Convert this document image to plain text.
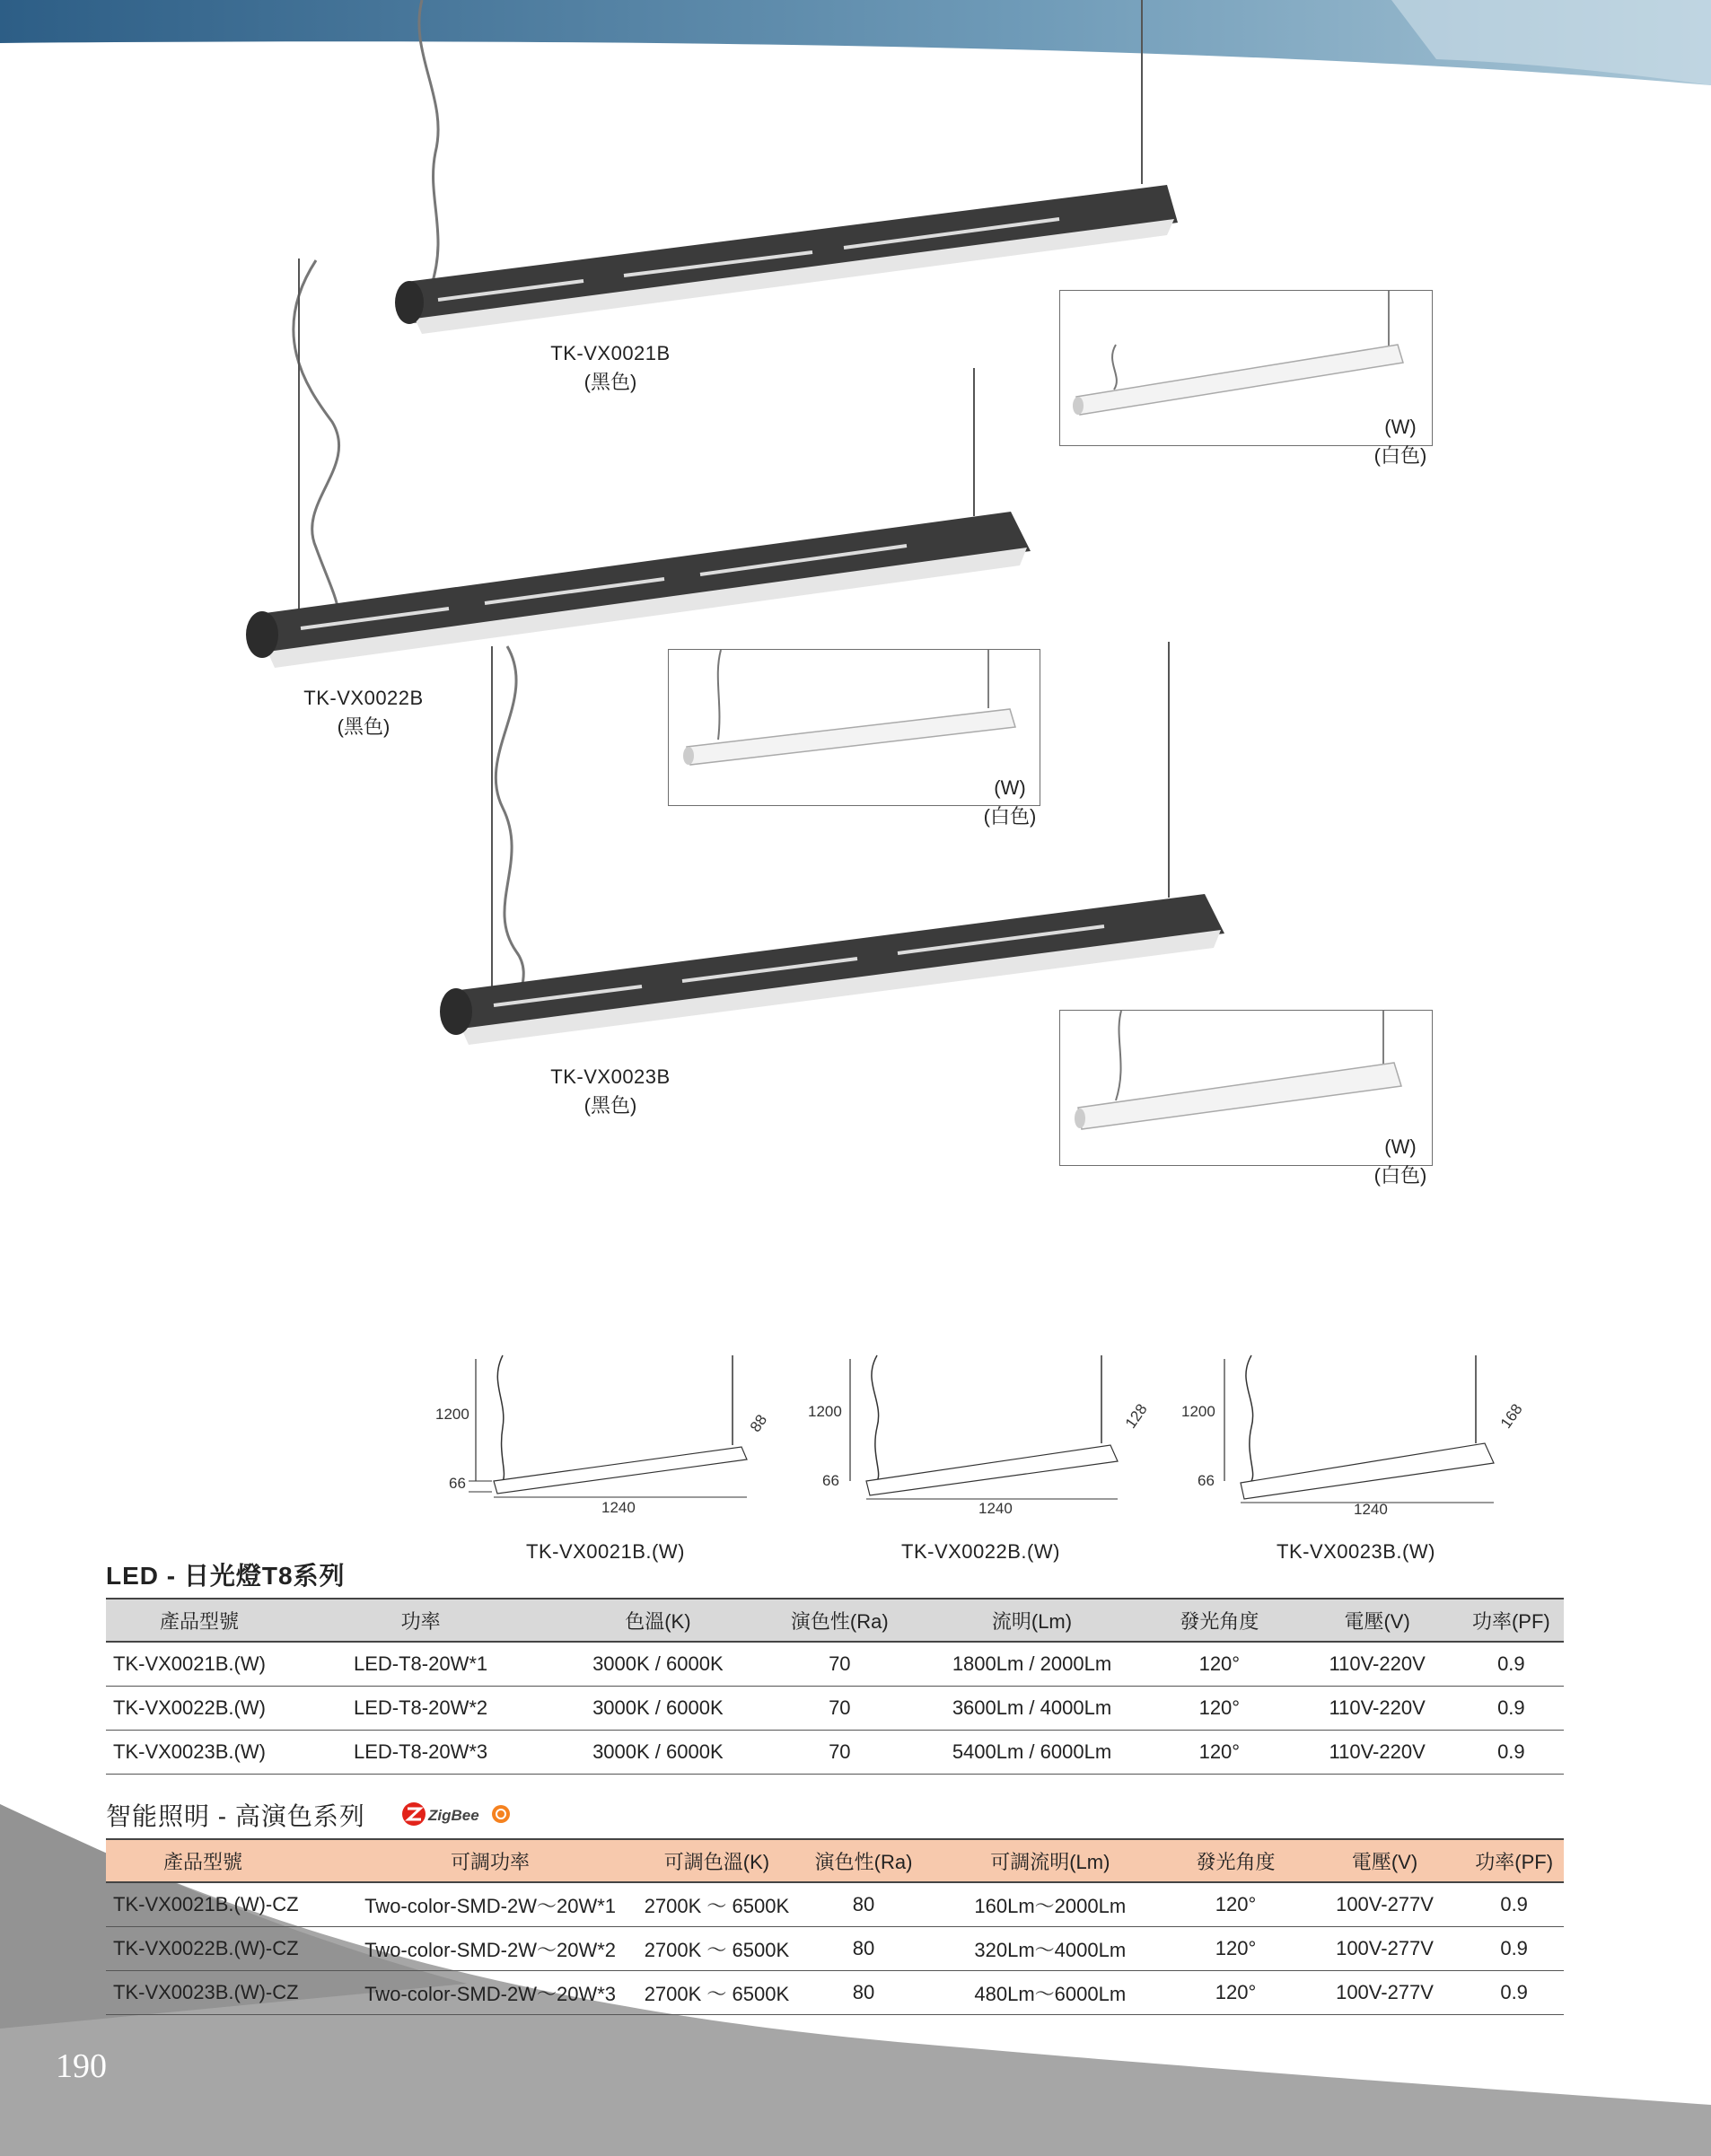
TK-VX0021B
(黑色)
TK-VX0022B
(黑色)
TK-VX0023B
(黑色)
(W)
(白色)
(W)
(白色)
(W)
(白色)
1200
66
1240
88
TK-VX0021B.(W)
1200
66
1240
128
TK-VX0022B.(W)
1200
66
1240
168
TK-VX0023B.(W)
LED - 日光燈T8系列
產品型號	功率	色溫(K)	演色性(Ra)	流明(Lm)	發光角度	電壓(V)	功率(PF)
TK-VX0021B.(W)	LED-T8-20W*1	3000K / 6000K	70	1800Lm / 2000Lm	120°	110V-220V	0.9
TK-VX0022B.(W)	LED-T8-20W*2	3000K / 6000K	70	3600Lm / 4000Lm	120°	110V-220V	0.9
TK-VX0023B.(W)	LED-T8-20W*3	3000K / 6000K	70	5400Lm / 6000Lm	120°	110V-220V	0.9
智能照明 - 高演色系列	ZigBee
產品型號	可調功率	可調色溫(K)	演色性(Ra)	可調流明(Lm)	發光角度	電壓(V)	功率(PF)
TK-VX0021B.(W)-CZ	Two-color-SMD-2W～20W*1	2700K ～ 6500K	80	160Lm～2000Lm	120°	100V-277V	0.9
TK-VX0022B.(W)-CZ	Two-color-SMD-2W～20W*2	2700K ～ 6500K	80	320Lm～4000Lm	120°	100V-277V	0.9
TK-VX0023B.(W)-CZ	Two-color-SMD-2W～20W*3	2700K ～ 6500K	80	480Lm～6000Lm	120°	100V-277V	0.9
190
